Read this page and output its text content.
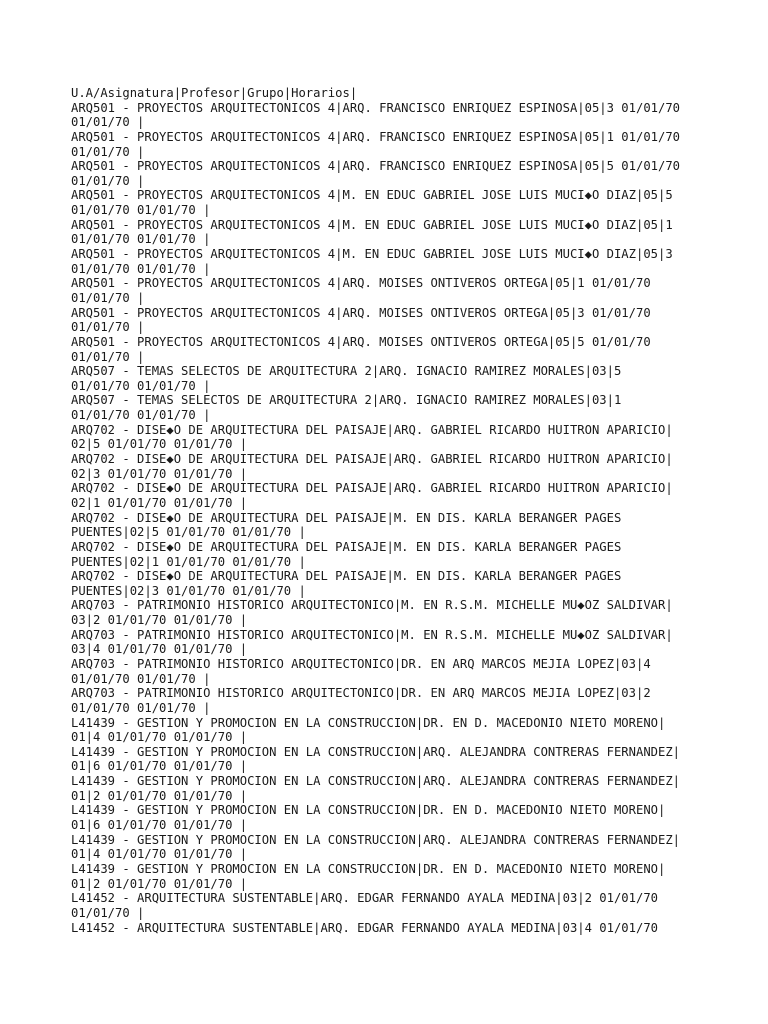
U.A/Asignatura|Profesor|Grupo|Horarios|
ARQ501 - PROYECTOS ARQUITECTONICOS 4|ARQ. FRANCISCO ENRIQUEZ ESPINOSA|05|3 01/01/70
01/01/70 |
ARQ501 - PROYECTOS ARQUITECTONICOS 4|ARQ. FRANCISCO ENRIQUEZ ESPINOSA|05|1 01/01/70
01/01/70 |
ARQ501 - PROYECTOS ARQUITECTONICOS 4|ARQ. FRANCISCO ENRIQUEZ ESPINOSA|05|5 01/01/70
01/01/70 |
ARQ501 - PROYECTOS ARQUITECTONICOS 4|M. EN EDUC GABRIEL JOSE LUIS MUCI◆O DIAZ|05|5
01/01/70 01/01/70 |
ARQ501 - PROYECTOS ARQUITECTONICOS 4|M. EN EDUC GABRIEL JOSE LUIS MUCI◆O DIAZ|05|1
01/01/70 01/01/70 |
ARQ501 - PROYECTOS ARQUITECTONICOS 4|M. EN EDUC GABRIEL JOSE LUIS MUCI◆O DIAZ|05|3
01/01/70 01/01/70 |
ARQ501 - PROYECTOS ARQUITECTONICOS 4|ARQ. MOISES ONTIVEROS ORTEGA|05|1 01/01/70
01/01/70 |
ARQ501 - PROYECTOS ARQUITECTONICOS 4|ARQ. MOISES ONTIVEROS ORTEGA|05|3 01/01/70
01/01/70 |
ARQ501 - PROYECTOS ARQUITECTONICOS 4|ARQ. MOISES ONTIVEROS ORTEGA|05|5 01/01/70
01/01/70 |
ARQ507 - TEMAS SELECTOS DE ARQUITECTURA 2|ARQ. IGNACIO RAMIREZ MORALES|03|5
01/01/70 01/01/70 |
ARQ507 - TEMAS SELECTOS DE ARQUITECTURA 2|ARQ. IGNACIO RAMIREZ MORALES|03|1
01/01/70 01/01/70 |
ARQ702 - DISE◆O DE ARQUITECTURA DEL PAISAJE|ARQ. GABRIEL RICARDO HUITRON APARICIO|
02|5 01/01/70 01/01/70 |
ARQ702 - DISE◆O DE ARQUITECTURA DEL PAISAJE|ARQ. GABRIEL RICARDO HUITRON APARICIO|
02|3 01/01/70 01/01/70 |
ARQ702 - DISE◆O DE ARQUITECTURA DEL PAISAJE|ARQ. GABRIEL RICARDO HUITRON APARICIO|
02|1 01/01/70 01/01/70 |
ARQ702 - DISE◆O DE ARQUITECTURA DEL PAISAJE|M. EN DIS. KARLA BERANGER PAGES
PUENTES|02|5 01/01/70 01/01/70 |
ARQ702 - DISE◆O DE ARQUITECTURA DEL PAISAJE|M. EN DIS. KARLA BERANGER PAGES
PUENTES|02|1 01/01/70 01/01/70 |
ARQ702 - DISE◆O DE ARQUITECTURA DEL PAISAJE|M. EN DIS. KARLA BERANGER PAGES
PUENTES|02|3 01/01/70 01/01/70 |
ARQ703 - PATRIMONIO HISTORICO ARQUITECTONICO|M. EN R.S.M. MICHELLE MU◆OZ SALDIVAR|
03|2 01/01/70 01/01/70 |
ARQ703 - PATRIMONIO HISTORICO ARQUITECTONICO|M. EN R.S.M. MICHELLE MU◆OZ SALDIVAR|
03|4 01/01/70 01/01/70 |
ARQ703 - PATRIMONIO HISTORICO ARQUITECTONICO|DR. EN ARQ MARCOS MEJIA LOPEZ|03|4
01/01/70 01/01/70 |
ARQ703 - PATRIMONIO HISTORICO ARQUITECTONICO|DR. EN ARQ MARCOS MEJIA LOPEZ|03|2
01/01/70 01/01/70 |
L41439 - GESTION Y PROMOCION EN LA CONSTRUCCION|DR. EN D. MACEDONIO NIETO MORENO|
01|4 01/01/70 01/01/70 |
L41439 - GESTION Y PROMOCION EN LA CONSTRUCCION|ARQ. ALEJANDRA CONTRERAS FERNANDEZ|
01|6 01/01/70 01/01/70 |
L41439 - GESTION Y PROMOCION EN LA CONSTRUCCION|ARQ. ALEJANDRA CONTRERAS FERNANDEZ|
01|2 01/01/70 01/01/70 |
L41439 - GESTION Y PROMOCION EN LA CONSTRUCCION|DR. EN D. MACEDONIO NIETO MORENO|
01|6 01/01/70 01/01/70 |
L41439 - GESTION Y PROMOCION EN LA CONSTRUCCION|ARQ. ALEJANDRA CONTRERAS FERNANDEZ|
01|4 01/01/70 01/01/70 |
L41439 - GESTION Y PROMOCION EN LA CONSTRUCCION|DR. EN D. MACEDONIO NIETO MORENO|
01|2 01/01/70 01/01/70 |
L41452 - ARQUITECTURA SUSTENTABLE|ARQ. EDGAR FERNANDO AYALA MEDINA|03|2 01/01/70
01/01/70 |
L41452 - ARQUITECTURA SUSTENTABLE|ARQ. EDGAR FERNANDO AYALA MEDINA|03|4 01/01/70
